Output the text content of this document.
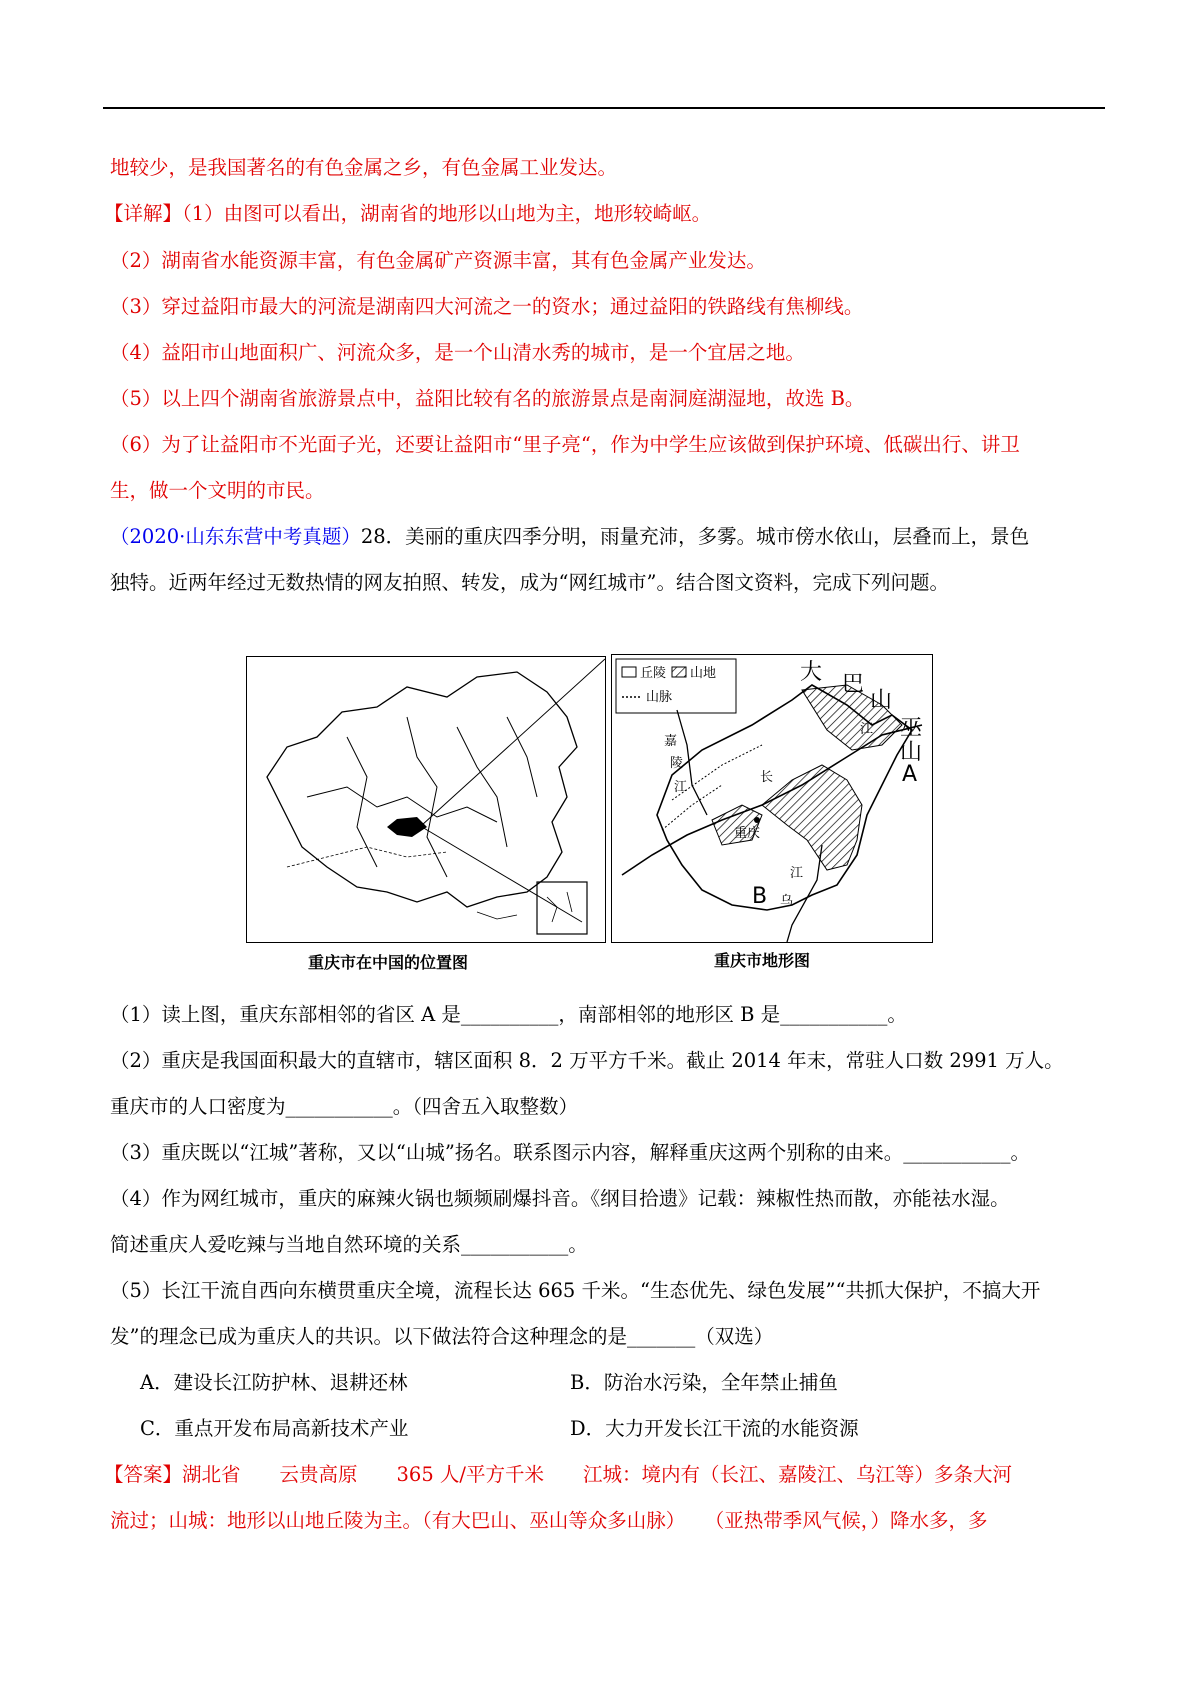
地较少，是我国著名的有色金属之乡，有色金属工业发达。
【详解】（1）由图可以看出，湖南省的地形以山地为主，地形较崎岖。
（2）湖南省水能资源丰富，有色金属矿产资源丰富，其有色金属产业发达。
（3）穿过益阳市最大的河流是湖南四大河流之一的资水；通过益阳的铁路线有焦柳线。
（4）益阳市山地面积广、河流众多，是一个山清水秀的城市，是一个宜居之地。
（5）以上四个湖南省旅游景点中，益阳比较有名的旅游景点是南洞庭湖湿地，故选 B。
（6）为了让益阳市不光面子光，还要让益阳市“里子亮“，作为中学生应该做到保护环境、低碳出行、讲卫
生，做一个文明的市民。
（2020·山东东营中考真题）28．美丽的重庆四季分明，雨量充沛，多雾。城市傍水依山，层叠而上，景色
独特。近两年经过无数热情的网友拍照、转发，成为“网红城市”。结合图文资料，完成下列问题。
丘陵 山地
山脉
大 巴
山
巫
山
A
B
嘉
陵
江
江
长
重庆
乌
江
重庆市在中国的位置图	重庆市地形图
（1）读上图，重庆东部相邻的省区 A 是__________，南部相邻的地形区 B 是___________。
（2）重庆是我国面积最大的直辖市，辖区面积 8．2 万平方千米。截止 2014 年末，常驻人口数 2991 万人。
重庆市的人口密度为___________。（四舍五入取整数）
（3）重庆既以“江城”著称，又以“山城”扬名。联系图示内容，解释重庆这两个别称的由来。___________。
（4）作为网红城市，重庆的麻辣火锅也频频刷爆抖音。《纲目拾遗》记载：辣椒性热而散，亦能祛水湿。
简述重庆人爱吃辣与当地自然环境的关系___________。
（5）长江干流自西向东横贯重庆全境，流程长达 665 千米。“生态优先、绿色发展”“共抓大保护，不搞大开
发”的理念已成为重庆人的共识。以下做法符合这种理念的是_______（双选）
A．建设长江防护林、退耕还林	B．防治水污染，全年禁止捕鱼
C．重点开发布局高新技术产业	D．大力开发长江干流的水能资源
【答案】湖北省　　云贵高原　　365 人/平方千米　　江城：境内有（长江、嘉陵江、乌江等）多条大河
流过；山城：地形以山地丘陵为主。（有大巴山、巫山等众多山脉）　　（亚热带季风气候，）降水多，多
